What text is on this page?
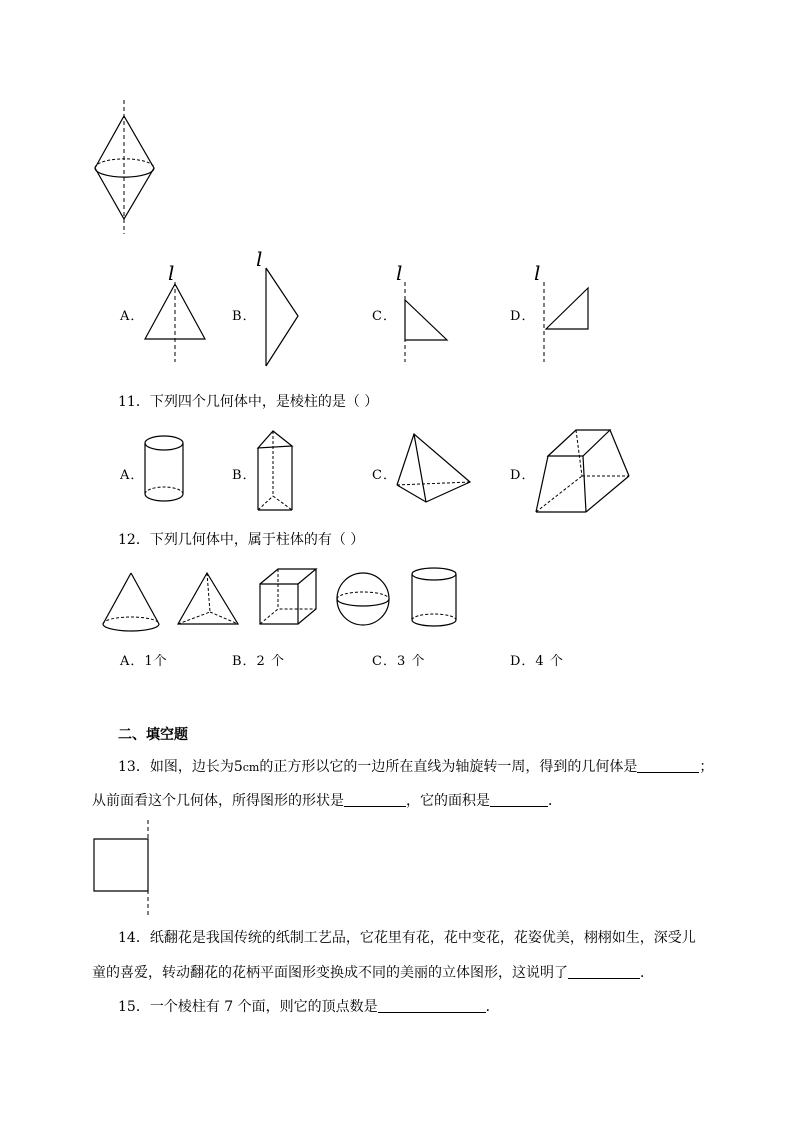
A．
l
B．
l
C．
l
D．
l
11．下列四个几何体中，是棱柱的是（ ）
A．	B．	C．	D．
12．下列几何体中，属于柱体的有（ ）
A．1个	B．2 个	C．3 个	D．4 个
二、填空题
13．如图，边长为5cm的正方形以它的一边所在直线为轴旋转一周，得到的几何体是	；
从前面看这个几何体，所得图形的形状是	，它的面积是	．
14．纸翻花是我国传统的纸制工艺品，它花里有花，花中变花，花姿优美，栩栩如生，深受儿
童的喜爱，转动翻花的花柄平面图形变换成不同的美丽的立体图形，这说明了	．
15．一个棱柱有 7 个面，则它的顶点数是	．
